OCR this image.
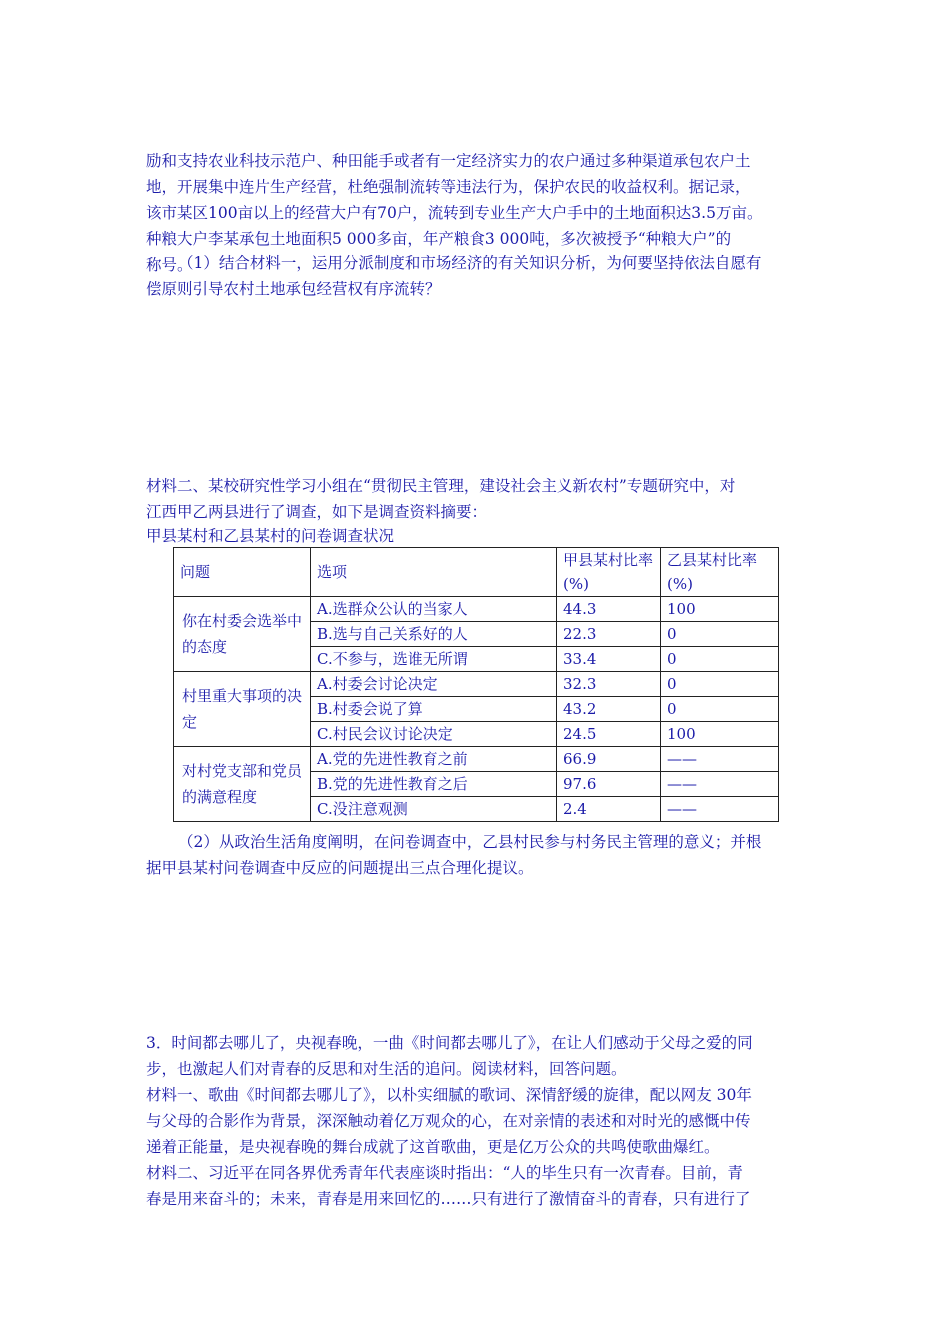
励和支持农业科技示范户、种田能手或者有一定经济实力的农户通过多种渠道承包农户土
地，开展集中连片生产经营，杜绝强制流转等违法行为，保护农民的收益权利。据记录，
该市某区100亩以上的经营大户有70户，流转到专业生产大户手中的土地面积达3.5万亩。
种粮大户李某承包土地面积5 000多亩，年产粮食3 000吨，多次被授予“种粮大户”的
称号。
（1）结合材料一，运用分派制度和市场经济的有关知识分析，为何要坚持依法自愿有
偿原则引导农村土地承包经营权有序流转？
材料二、某校研究性学习小组在“贯彻民主管理，建设社会主义新农村”专题研究中，对
江西甲乙两县进行了调查，如下是调查资料摘要：
甲县某村和乙县某村的问卷调查状况
问题	选项	甲县某村比率(%)	乙县某村比率(%)
你在村委会选举中的态度	A.选群众公认的当家人	44.3	100
	B.选与自己关系好的人	22.3	0
	C.不参与，选谁无所谓	33.4	0
村里重大事项的决定	A.村委会讨论决定	32.3	0
	B.村委会说了算	43.2	0
	C.村民会议讨论决定	24.5	100
对村党支部和党员的满意程度	A.党的先进性教育之前	66.9	——
	B.党的先进性教育之后	97.6	——
	C.没注意观测	2.4	——
（2）从政治生活角度阐明，在问卷调查中，乙县村民参与村务民主管理的意义；并根
据甲县某村问卷调查中反应的问题提出三点合理化提议。
3．时间都去哪儿了，央视春晚，一曲《时间都去哪儿了》，在让人们感动于父母之爱的同
步，也激起人们对青春的反思和对生活的追问。阅读材料，回答问题。
材料一、歌曲《时间都去哪儿了》，以朴实细腻的歌词、深情舒缓的旋律，配以网友 30年
与父母的合影作为背景，深深触动着亿万观众的心，在对亲情的表述和对时光的感慨中传
递着正能量，是央视春晚的舞台成就了这首歌曲，更是亿万公众的共鸣使歌曲爆红。
材料二、习近平在同各界优秀青年代表座谈时指出：“人的毕生只有一次青春。目前，青
春是用来奋斗的；未来，青春是用来回忆的……只有进行了激情奋斗的青春，只有进行了
